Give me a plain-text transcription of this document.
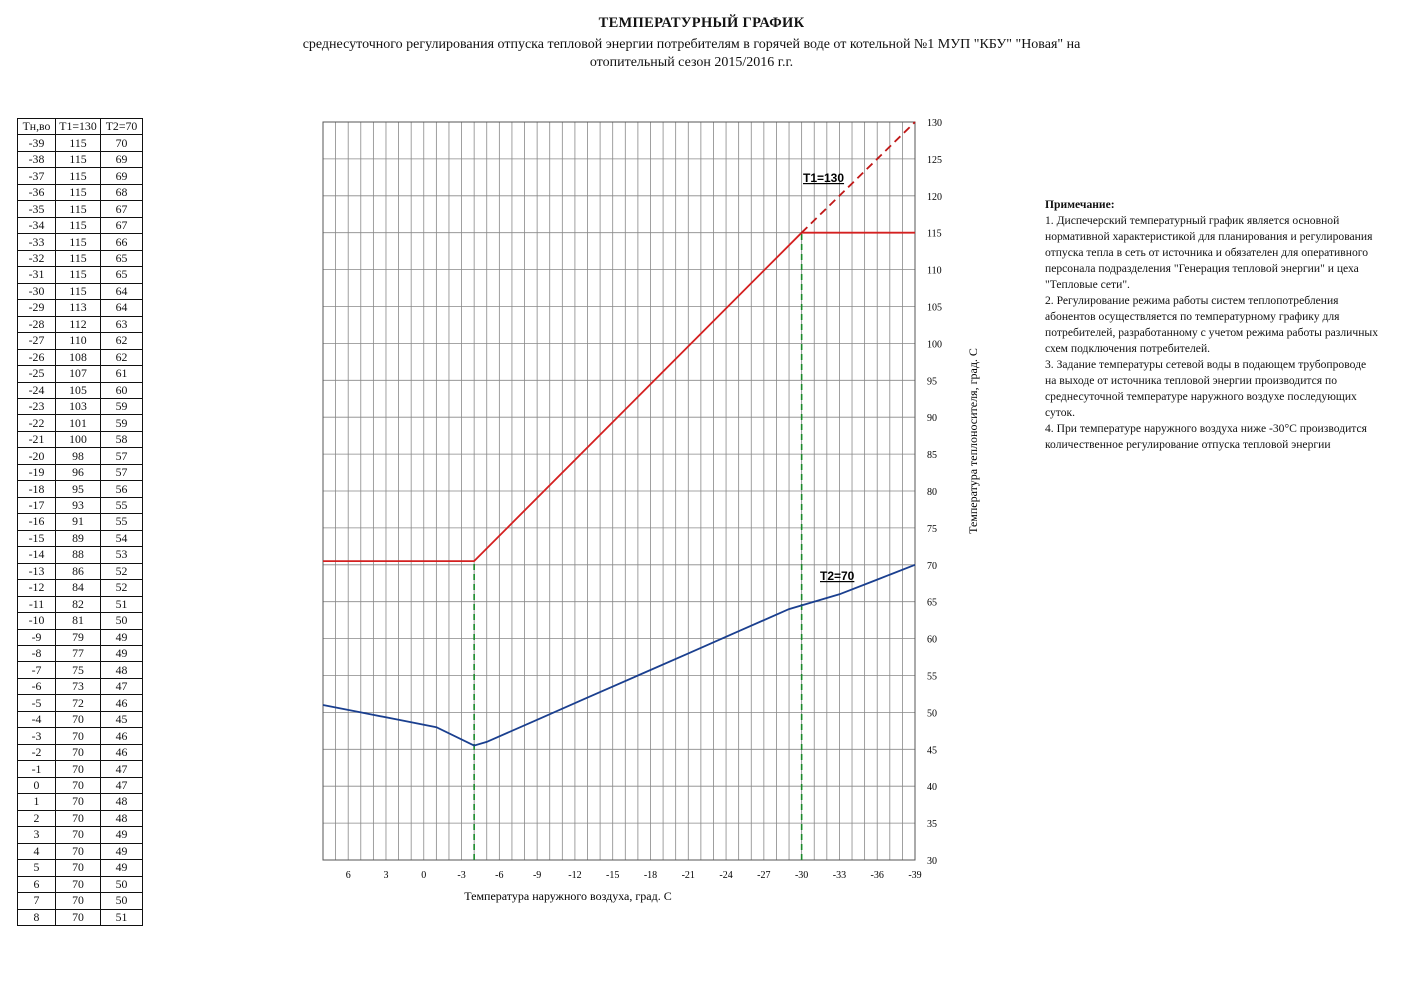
ТЕМПЕРАТУРНЫЙ ГРАФИК
среднесуточного регулирования отпуска тепловой энергии потребителям в горячей воде от котельной №1 МУП "КБУ" "Новая" на
отопительный сезон 2015/2016 г.г.
Тн,во	Т1=130	Т2=70
-39	115	70
-38	115	69
-37	115	69
-36	115	68
-35	115	67
-34	115	67
-33	115	66
-32	115	65
-31	115	65
-30	115	64
-29	113	64
-28	112	63
-27	110	62
-26	108	62
-25	107	61
-24	105	60
-23	103	59
-22	101	59
-21	100	58
-20	98	57
-19	96	57
-18	95	56
-17	93	55
-16	91	55
-15	89	54
-14	88	53
-13	86	52
-12	84	52
-11	82	51
-10	81	50
-9	79	49
-8	77	49
-7	75	48
-6	73	47
-5	72	46
-4	70	45
-3	70	46
-2	70	46
-1	70	47
0	70	47
1	70	48
2	70	48
3	70	49
4	70	49
5	70	49
6	70	50
7	70	50
8	70	51
130
125
120
115
110
105
100
95
90
85
80
75
70
65
60
55
50
45
40
35
30
6	3	0	-3	-6	-9	-12 -15 -18 -21 -24 -27 -30 -33 -36 -39
Температура наружного воздуха, град. С
Температура теплоносителя, град. С
Т1=130
Т2=70

Примечание:

1. Диспечерский температурный график является основной нормативной характеристикой для планирования и регулирования отпуска тепла в сеть от источника и обязателен для оперативного персонала подразделения "Генерация тепловой энергии" и цеха "Тепловые сети".

2. Регулирование режима работы систем теплопотребления абонентов осуществляется по температурному графику для потребителей, разработанному с учетом режима работы различных схем подключения потребителей.

3. Задание температуры сетевой воды в подающем трубопроводе на выходе от источника тепловой энергии производится по среднесуточной температуре наружного воздухе последующих суток.

4. При температуре наружного воздуха ниже -30°С производится количественное регулирование отпуска тепловой энергии
